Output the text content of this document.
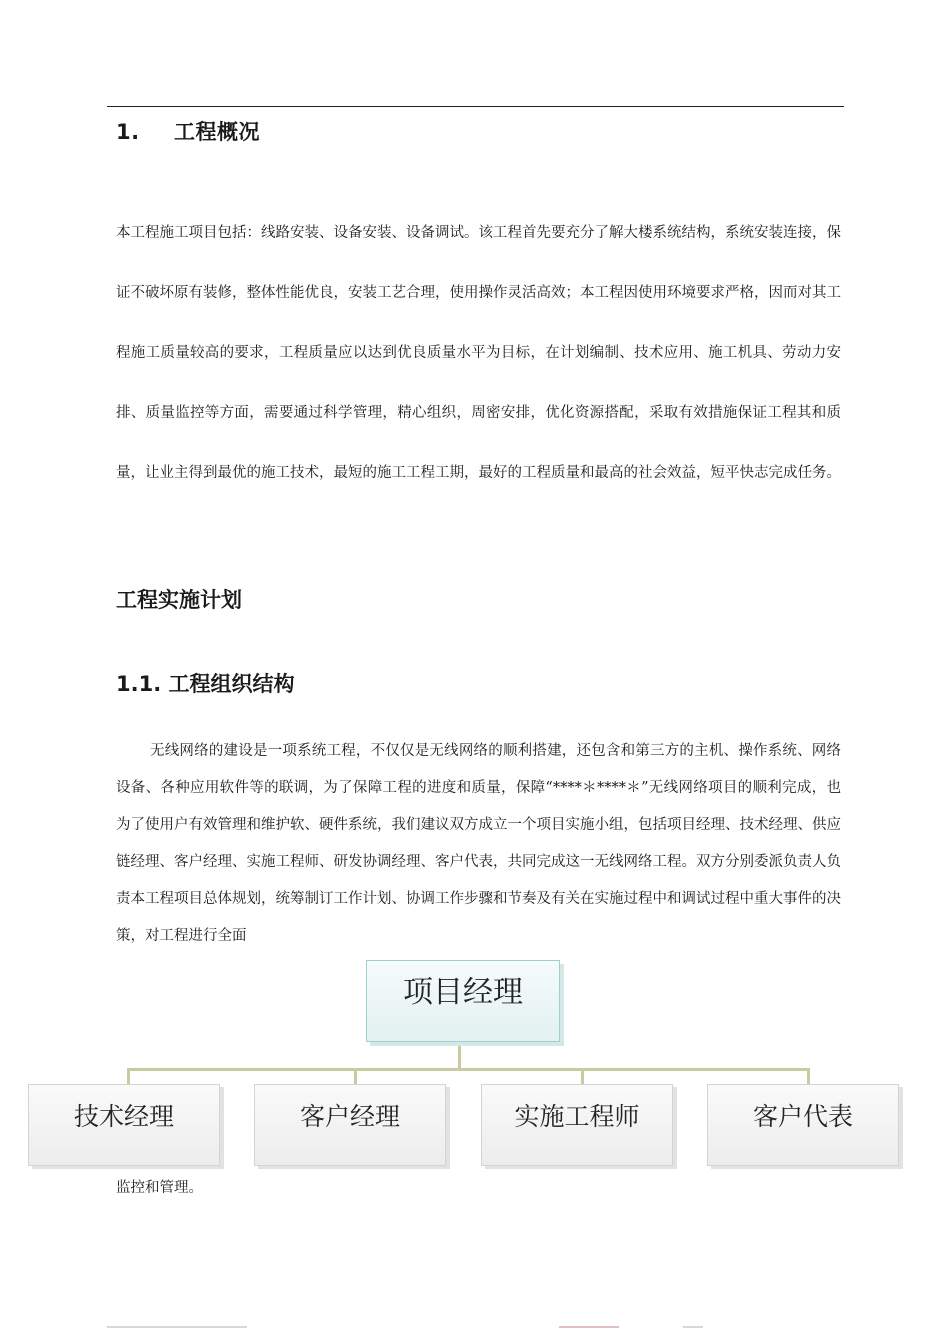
1. 工程概况

本工程施工项目包括：线路安装、设备安装、设备调试。该工程首先要充分了解大楼系统结构，系统安装连接，保证不破坏原有装修，整体性能优良，安装工艺合理，使用操作灵活高效；本工程因使用环境要求严格，因而对其工程施工质量较高的要求，工程质量应以达到优良质量水平为目标，在计划编制、技术应用、施工机具、劳动力安排、质量监控等方面，需要通过科学管理，精心组织，周密安排，优化资源搭配，采取有效措施保证工程其和质量，让业主得到最优的施工技术，最短的施工工程工期，最好的工程质量和最高的社会效益，短平快志完成任务。

工程实施计划
1.1. 工程组织结构

无线网络的建设是一项系统工程，不仅仅是无线网络的顺利搭建，还包含和第三方的主机、操作系统、网络设备、各种应用软件等的联调，为了保障工程的进度和质量，保障“****＊****＊”无线网络项目的顺利完成，也为了使用户有效管理和维护软、硬件系统，我们建议双方成立一个项目实施小组，包括项目经理、技术经理、供应链经理、客户经理、实施工程师、研发协调经理、客户代表，共同完成这一无线网络工程。双方分别委派负责人负责本工程项目总体规划，统筹制订工作计划、协调工作步骤和节奏及有关在实施过程中和调试过程中重大事件的决策，对工程进行全面

项目经理
技术经理	客户经理	实施工程师	客户代表
监控和管理。
